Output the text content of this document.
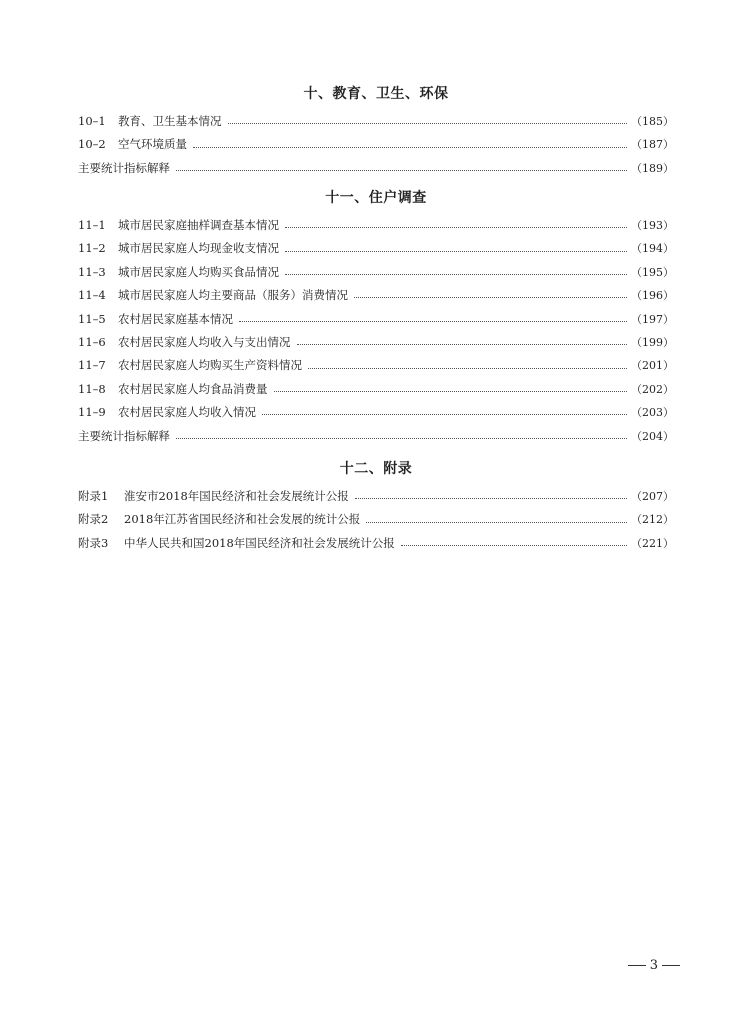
十、教育、卫生、环保
10–1	教育、卫生基本情况	（185）
10–2	空气环境质量	（187）
主要统计指标解释	（189）
十一、住户调查
11–1	城市居民家庭抽样调查基本情况	（193）
11–2	城市居民家庭人均现金收支情况	（194）
11–3	城市居民家庭人均购买食品情况	（195）
11–4	城市居民家庭人均主要商品（服务）消费情况	（196）
11–5	农村居民家庭基本情况	（197）
11–6	农村居民家庭人均收入与支出情况	（199）
11–7	农村居民家庭人均购买生产资料情况	（201）
11–8	农村居民家庭人均食品消费量	（202）
11–9	农村居民家庭人均收入情况	（203）
主要统计指标解释	（204）
十二、附录
附录1	淮安市2018年国民经济和社会发展统计公报	（207）
附录2	2018年江苏省国民经济和社会发展的统计公报	（212）
附录3	中华人民共和国2018年国民经济和社会发展统计公报	（221）
3
